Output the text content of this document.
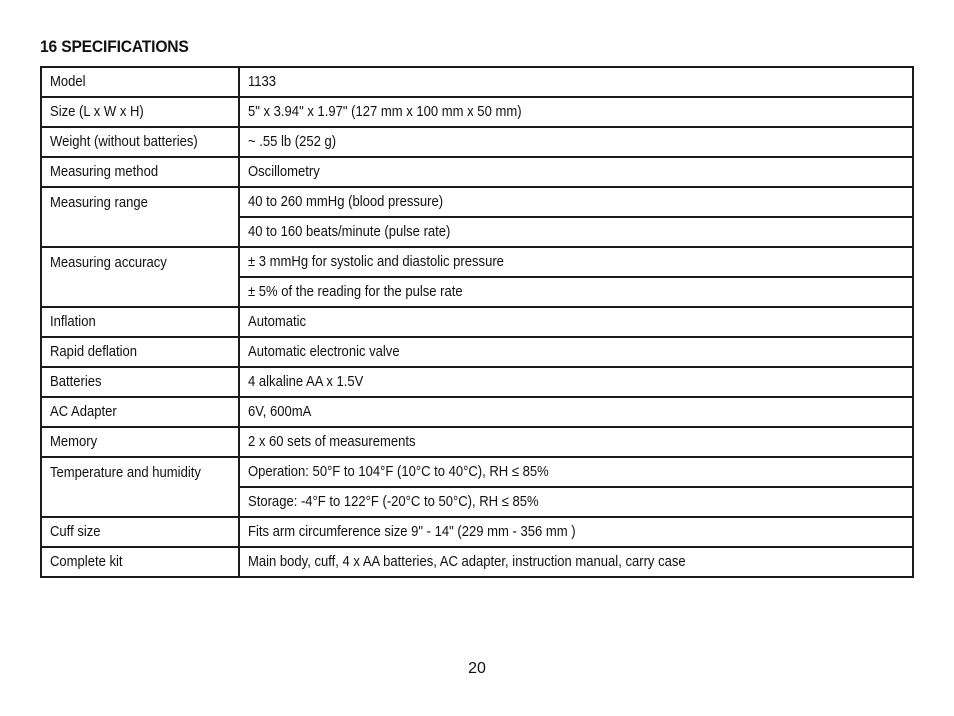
16 SPECIFICATIONS
Model	1133
Size (L x W x H)	5" x 3.94" x 1.97" (127 mm x 100 mm x 50 mm)
Weight (without batteries)	~ .55 lb (252 g)
Measuring method	Oscillometry
Measuring range	40 to 260 mmHg (blood pressure)
	40 to 160 beats/minute (pulse rate)
Measuring accuracy	± 3 mmHg for systolic and diastolic pressure
	± 5% of the reading for the pulse rate
Inflation	Automatic
Rapid deflation	Automatic electronic valve
Batteries	4 alkaline AA x 1.5V
AC Adapter	6V, 600mA
Memory	2 x 60 sets of measurements
Temperature and humidity	Operation: 50°F to 104°F (10°C to 40°C), RH ≤ 85%
	Storage: -4°F to 122°F (-20°C to 50°C), RH ≤ 85%
Cuff size	Fits arm circumference size 9" - 14" (229 mm - 356 mm )
Complete kit	Main body, cuff, 4 x AA batteries, AC adapter, instruction manual, carry case
20
